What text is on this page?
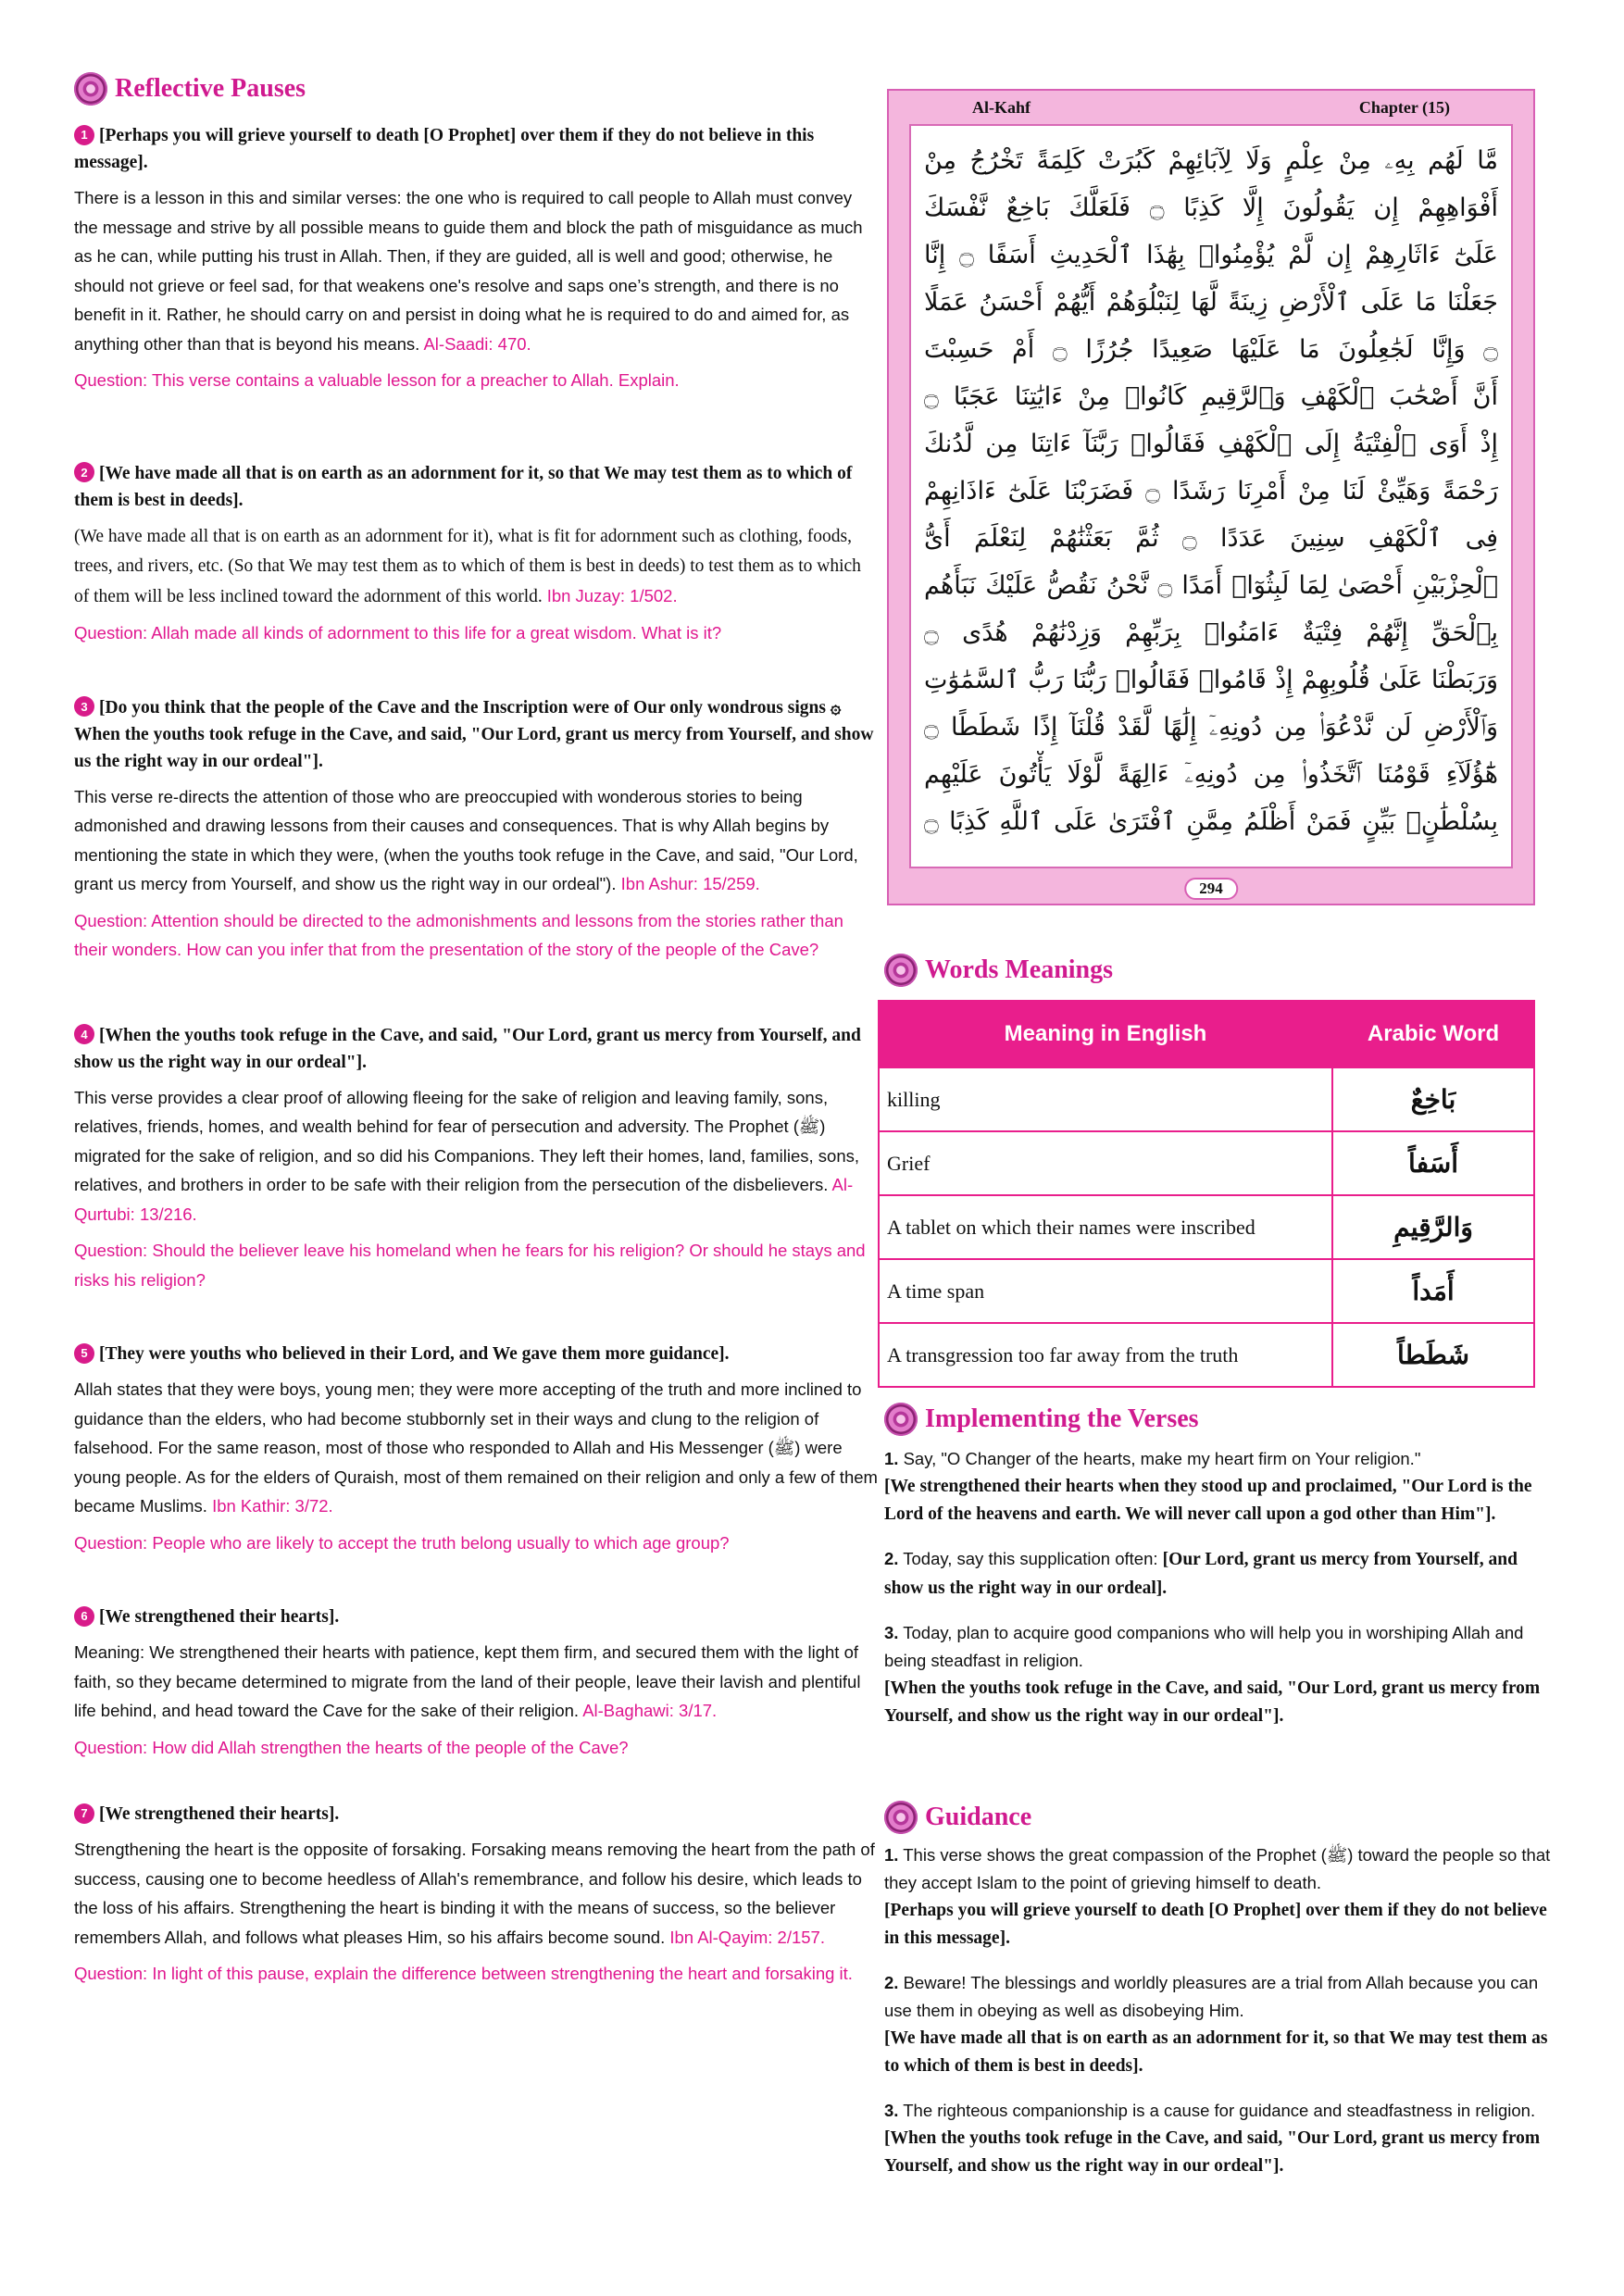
Reflective Pauses
1 [Perhaps you will grieve yourself to death [O Prophet] over them if they do not believe in this message].
There is a lesson in this and similar verses: the one who is required to call people to Allah must convey the message and strive by all possible means to guide them and block the path of misguidance as much as he can, while putting his trust in Allah. Then, if they are guided, all is well and good; otherwise, he should not grieve or feel sad, for that weakens one's resolve and saps one’s strength, and there is no benefit in it. Rather, he should carry on and persist in doing what he is required to do and aimed for, as anything other than that is beyond his means. Al-Saadi: 470.
Question: This verse contains a valuable lesson for a preacher to Allah. Explain.
2 [We have made all that is on earth as an adornment for it, so that We may test them as to which of them is best in deeds].
(We have made all that is on earth as an adornment for it), what is fit for adornment such as clothing, foods, trees, and rivers, etc. (So that We may test them as to which of them is best in deeds) to test them as to which of them will be less inclined toward the adornment of this world. Ibn Juzay: 1/502.
Question: Allah made all kinds of adornment to this life for a great wisdom. What is it?
3 [Do you think that the people of the Cave and the Inscription were of Our only wondrous signs ۞ When the youths took refuge in the Cave, and said, "Our Lord, grant us mercy from Yourself, and show us the right way in our ordeal"].
This verse re-directs the attention of those who are preoccupied with wonderous stories to being admonished and drawing lessons from their causes and consequences. That is why Allah begins by mentioning the state in which they were, (when the youths took refuge in the Cave, and said, "Our Lord, grant us mercy from Yourself, and show us the right way in our ordeal"). Ibn Ashur: 15/259.
Question: Attention should be directed to the admonishments and lessons from the stories rather than their wonders. How can you infer that from the presentation of the story of the people of the Cave?
4 [When the youths took refuge in the Cave, and said, "Our Lord, grant us mercy from Yourself, and show us the right way in our ordeal"].
This verse provides a clear proof of allowing fleeing for the sake of religion and leaving family, sons, relatives, friends, homes, and wealth behind for fear of persecution and adversity. The Prophet (ﷺ) migrated for the sake of religion, and so did his Companions. They left their homes, land, families, sons, relatives, and brothers in order to be safe with their religion from the persecution of the disbelievers. Al-Qurtubi: 13/216.
Question: Should the believer leave his homeland when he fears for his religion? Or should he stays and risks his religion?
5 [They were youths who believed in their Lord, and We gave them more guidance].
Allah states that they were boys, young men; they were more accepting of the truth and more inclined to guidance than the elders, who had become stubbornly set in their ways and clung to the religion of falsehood. For the same reason, most of those who responded to Allah and His Messenger (ﷺ) were young people. As for the elders of Quraish, most of them remained on their religion and only a few of them became Muslims. Ibn Kathir: 3/72.
Question: People who are likely to accept the truth belong usually to which age group?
6 [We strengthened their hearts].
Meaning: We strengthened their hearts with patience, kept them firm, and secured them with the light of faith, so they became determined to migrate from the land of their people, leave their lavish and plentiful life behind, and head toward the Cave for the sake of their religion. Al-Baghawi: 3/17.
Question: How did Allah strengthen the hearts of the people of the Cave?
7 [We strengthened their hearts].
Strengthening the heart is the opposite of forsaking. Forsaking means removing the heart from the path of success, causing one to become heedless of Allah's remembrance, and follow his desire, which leads to the loss of his affairs. Strengthening the heart is binding it with the means of success, so the believer remembers Allah, and follows what pleases Him, so his affairs become sound. Ibn Al-Qayim: 2/157.
Question: In light of this pause, explain the difference between strengthening the heart and forsaking it.
Al-Kahf	Chapter (15)
مَّا لَهُم بِهِۦ مِنْ عِلْمٍ وَلَا لِآبَائِهِمْ كَبُرَتْ كَلِمَةً تَخْرُجُ مِنْ
أَفْوَاهِهِمْ إِن يَقُولُونَ إِلَّا كَذِبًا ۝ فَلَعَلَّكَ بَاخِعٌ نَّفْسَكَ
عَلَىٰٓ ءَاثَارِهِمْ إِن لَّمْ يُؤْمِنُوا۟ بِهَٰذَا ٱلْحَدِيثِ أَسَفًا ۝ إِنَّا
جَعَلْنَا مَا عَلَى ٱلْأَرْضِ زِينَةً لَّهَا لِنَبْلُوَهُمْ أَيُّهُمْ أَحْسَنُ عَمَلًا
۝ وَإِنَّا لَجَٰعِلُونَ مَا عَلَيْهَا صَعِيدًا جُرُزًا ۝ أَمْ حَسِبْتَ
أَنَّ أَصْحَٰبَ ٱلْكَهْفِ وَٱلرَّقِيمِ كَانُوا۟ مِنْ ءَايَٰتِنَا عَجَبًا ۝
إِذْ أَوَى ٱلْفِتْيَةُ إِلَى ٱلْكَهْفِ فَقَالُوا۟ رَبَّنَآ ءَاتِنَا مِن لَّدُنكَ
رَحْمَةً وَهَيِّئْ لَنَا مِنْ أَمْرِنَا رَشَدًا ۝ فَضَرَبْنَا عَلَىٰٓ ءَاذَانِهِمْ
فِى ٱلْكَهْفِ سِنِينَ عَدَدًا ۝ ثُمَّ بَعَثْنَٰهُمْ لِنَعْلَمَ أَىُّ
ٱلْحِزْبَيْنِ أَحْصَىٰ لِمَا لَبِثُوٓا۟ أَمَدًا ۝ نَّحْنُ نَقُصُّ عَلَيْكَ نَبَأَهُم
بِٱلْحَقِّ إِنَّهُمْ فِتْيَةٌ ءَامَنُوا۟ بِرَبِّهِمْ وَزِدْنَٰهُمْ هُدًى ۝
وَرَبَطْنَا عَلَىٰ قُلُوبِهِمْ إِذْ قَامُوا۟ فَقَالُوا۟ رَبُّنَا رَبُّ ٱلسَّمَٰوَٰتِ
وَٱلْأَرْضِ لَن نَّدْعُوَا۟ مِن دُونِهِۦٓ إِلَٰهًا لَّقَدْ قُلْنَآ إِذًا شَطَطًا ۝
هَٰٓؤُلَآءِ قَوْمُنَا ٱتَّخَذُوا۟ مِن دُونِهِۦٓ ءَالِهَةً لَّوْلَا يَأْتُونَ عَلَيْهِم
بِسُلْطَٰنٍۭ بَيِّنٍ فَمَنْ أَظْلَمُ مِمَّنِ ٱفْتَرَىٰ عَلَى ٱللَّهِ كَذِبًا ۝
294
Words Meanings
Meaning in English	Arabic Word
killing	بَاخِعٌ
Grief	أَسَفاً
A tablet on which their names were inscribed	وَالرَّقِيمِ
A time span	أَمَداً
A transgression too far away from the truth	شَطَطاً
Implementing the Verses
1. Say, "O Changer of the hearts, make my heart firm on Your religion."
[We strengthened their hearts when they stood up and proclaimed, "Our Lord is the Lord of the heavens and earth. We will never call upon a god other than Him"].
2. Today, say this supplication often: [Our Lord, grant us mercy from Yourself, and show us the right way in our ordeal].
3. Today, plan to acquire good companions who will help you in worshiping Allah and being steadfast in religion.
[When the youths took refuge in the Cave, and said, "Our Lord, grant us mercy from Yourself, and show us the right way in our ordeal"].
Guidance
1. This verse shows the great compassion of the Prophet (ﷺ) toward the people so that they accept Islam to the point of grieving himself to death.
[Perhaps you will grieve yourself to death [O Prophet] over them if they do not believe in this message].
2. Beware! The blessings and worldly pleasures are a trial from Allah because you can use them in obeying as well as disobeying Him.
[We have made all that is on earth as an adornment for it, so that We may test them as to which of them is best in deeds].
3. The righteous companionship is a cause for guidance and steadfastness in religion.
[When the youths took refuge in the Cave, and said, "Our Lord, grant us mercy from Yourself, and show us the right way in our ordeal"].
